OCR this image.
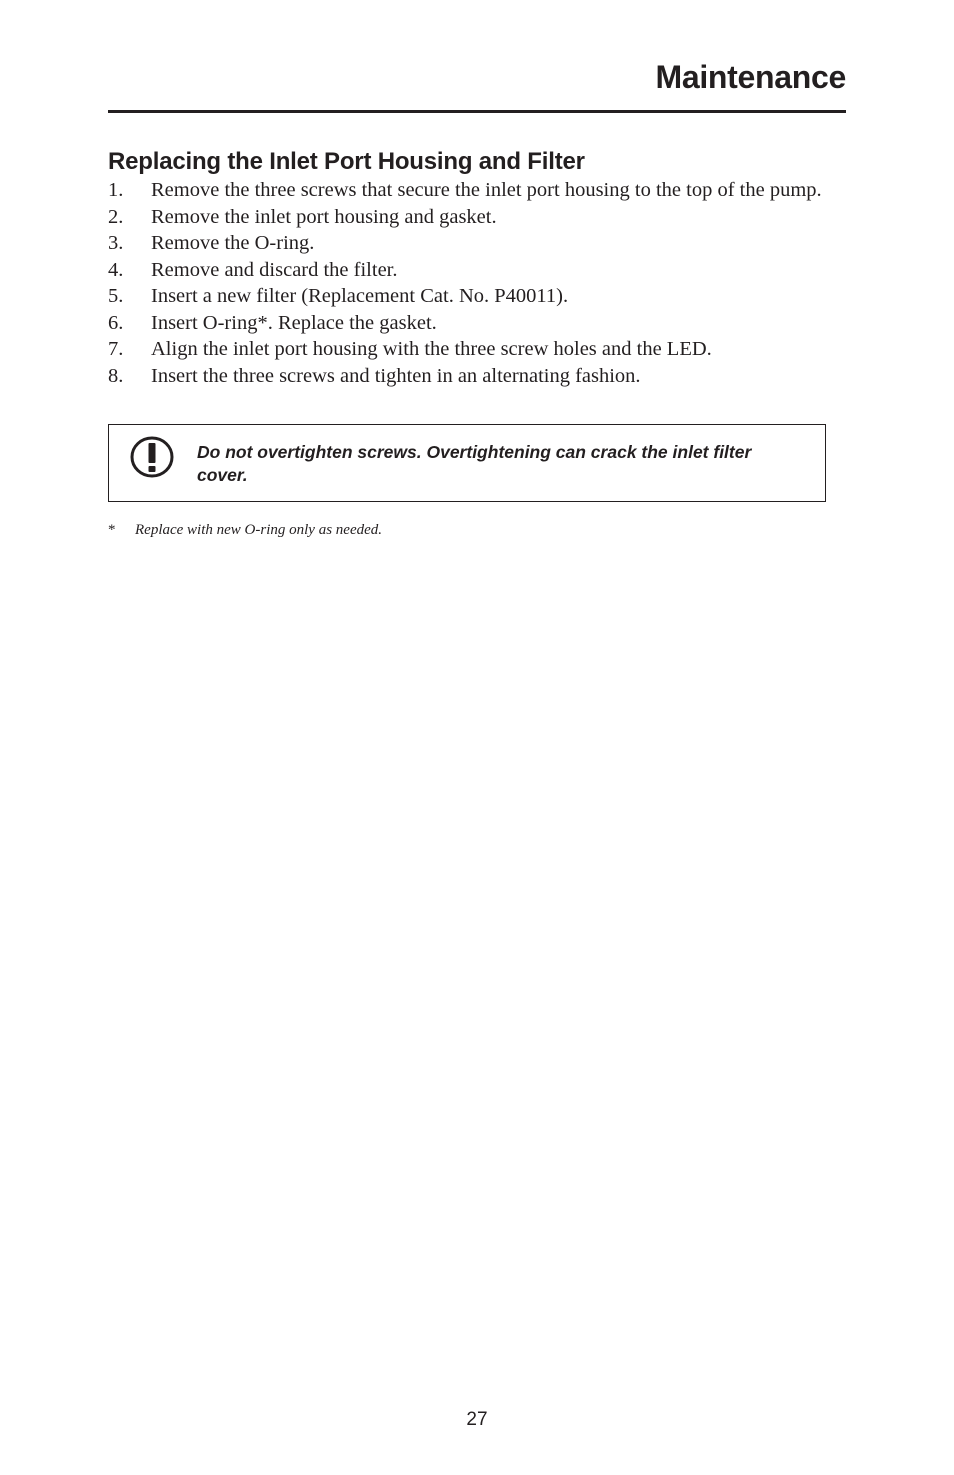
Maintenance
Replacing the Inlet Port Housing and Filter
1. Remove the three screws that secure the inlet port housing to the top of the pump.
2. Remove the inlet port housing and gasket.
3. Remove the O-ring.
4. Remove and discard the filter.
5. Insert a new filter (Replacement Cat. No. P40011).
6. Insert O-ring*. Replace the gasket.
7. Align the inlet port housing with the three screw holes and the LED.
8. Insert the three screws and tighten in an alternating fashion.
Do not overtighten screws. Overtightening can crack the inlet filter cover.
* Replace with new O-ring only as needed.
27
